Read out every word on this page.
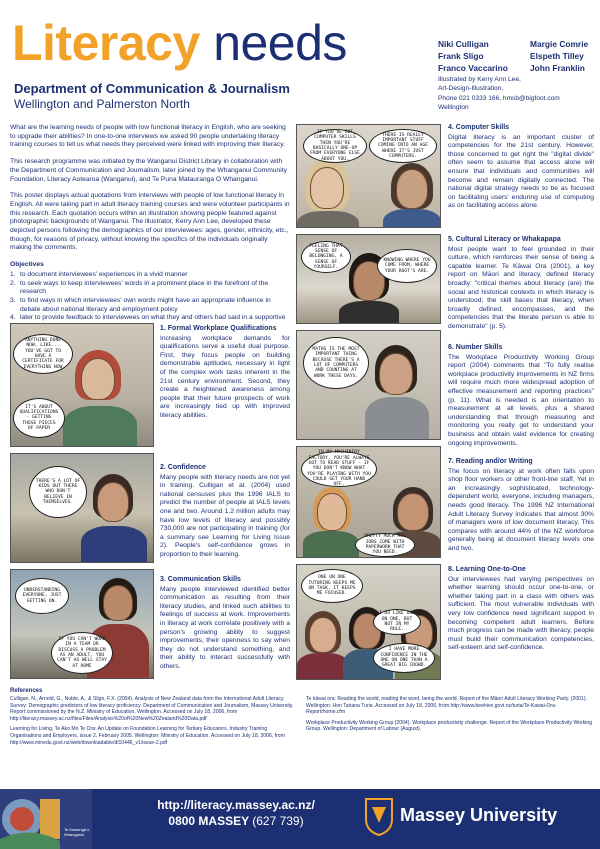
Literacy needs
Department of Communication & Journalism
Wellington and Palmerston North
Niki Culligan	Margie Comrie
Frank Sligo	Elspeth Tilley
Franco Vaccarino	John Franklin
Illustrated by Kerry Ann Lee,
Art-Design-Illustration,
Phone 021 0333 166, hmsb@bigfoot.com
Wellington

What are the learning needs of people with low functional literacy in English, who are seeking to upgrade their abilities? In one-to-one interviews we asked 90 people undertaking literacy training courses to tell us what needs they perceived were linked with improving their literacy.

This research programme was initiated by the Wanganui District Library in collaboration with the Department of Communication and Journalism, later joined by the Whanganui Community Foundation, Literacy Aotearoa (Wanganui), and Te Puna Matauranga O Whanganui.

This poster displays actual quotations from interviews with people of low functional literacy in English. All were taking part in adult literacy training courses and were volunteer participants in this research. Each quotation occurs within an illustration showing people featured against photographic backgrounds of Wanganui. The illustrator, Kerry Ann Lee, developed these depicted persons following the demographics of our interviewees: ages, gender, ethnicity, etc., though, for reasons of privacy, without knowing the specifics of the individuals originally making the comments.

Objectives
1. to document interviewees' experiences in a vivid manner
2. to seek ways to keep interviewees' words in a prominent place in the forefront of the research
3. to find ways in which interviewees' own words might have an appropriate influence in debate about national literacy and employment policy
4. later to provide feedback to interviewees on what they and others had said in a supportive
ANYTHING DONE NOW, LIKE... YOU'VE GOT TO HAVE A CERTIFICATE FOR EVERYTHING NOW
IT'S ABOUT QUALIFICATIONS - GETTING THOSE PIECES OF PAPER
THERE'S A LOT OF KIDS OUT THERE WHO DON'T BELIEVE IN THEMSELVES.
UNDERSTANDING EVERYONE, JUST GETTING ON.
IF YOU CAN'T WORK IN A TEAM OR DISCUSS A PROBLEM AS AN ADULT, YOU CAN'T AS WELL STAY AT HOME
IF YOU'VE GOT COMPUTER SKILLS THEN YOU'RE BASICALLY ONE-UP FROM EVERYONE ELSE ABOUT YOU.
THERE IS REALLY IMPORTANT STUFF COMING INTO AN AGE WHERE IT'S JUST COMPUTERS.
FEELING THAT SENSE OF BELONGING, A SENSE OF YOURSELF.
KNOWING WHERE YOU COME FROM, WHERE YOUR ROOT'S ARE.
MATHS IS THE MOST IMPORTANT THING BECAUSE THERE'S A LOT OF COMPUTERS AND COUNTING AT WORK THESE DAYS.
IN MY MACHINERY FACTORY, YOU'RE ALWAYS GOT TO READ STUFF - IF YOU DON'T KNOW WHAT YOU'RE PLAYING WITH YOU COULD GET YOUR HAND OFF.
PRETTY MUCH ALL JOBS COME WITH PAPERWORK THAT YOU NEED.
ONE ON ONE TUTORING KEEPS ME ON TASK. IT KEEPS ME FOCUSED.
I DO LIKE ONE ON ONE, BUT NOT IN MY RULE.
I HAVE MORE CONFIDENCE IN THE ONE ON ONE THAN A GREAT BIG CROWD.
1. Formal Workplace Qualifications

Increasing workplace demands for qualifications serve a useful dual purpose. First, they focus people on building demonstrable aptitudes, necessary in light of the complex work tasks inherent in the 21st century environment. Second, they create a heightened awareness among people that their future prospects of work are increasingly tied up with improved literacy abilities.

2. Confidence

Many people with literacy needs are not yet in training. Culligan et al. (2004) used national censuses plus the 1996 IALS to predict the number of people at IALS levels one and two. Around 1.2 million adults may have low levels of literacy and possibly 730,000 are not participating in training (for a summary see Learning for Living Issue 2). People's self-confidence grows in proportion to their learning.

3. Communication Skills

Many people interviewed identified better communication as resulting from their literacy studies, and linked such abilities to feelings of success at work. Improvements in literacy at work correlate positively with a person's growing ability to suggest improvements, their openness to say when they do not understand something, and their ability to interact successfully with others.

4. Computer Skills

Digital literacy is an important cluster of competencies for the 21st century. However, those concerned to get right the "digital divide" often seem to assume that access alone will ensure that individuals and communities will become and remain digitally connected. The national digital strategy needs to be as focused on facilitating users' enduring use of computing as on facilitating access alone.

5. Cultural Literacy or Whakapapa

Most people want to feel grounded in their culture, which reinforces their sense of being a capable learner. Te Kāwai Ora (2001), a key report on Māori and literacy, defined literacy broadly: "critical themes about literacy (are) the social and historical contexts in which literacy is understood; the skill bases that literacy, when broadly defined, encompasses, and the competencies that the literate person is able to demonstrate" (p. 5).

6. Number Skills

The Workplace Productivity Working Group report (2004) comments that "To fully realise workplace productivity improvements in NZ firms will require much more widespread adoption of effective measurement and reporting practices" (p. 11). What is needed is an orientation to measurement at all levels, plus a shared understanding that through measuring and monitoring you really get to understand your business and obtain valid evidence for creating ongoing improvements.

7. Reading and/or Writing

The focus on literacy at work often falls upon shop floor workers or other front-line staff. Yet in an increasingly sophisticated, technology-dependent world, everyone, including managers, needs good literacy. The 1996 NZ International Adult Literacy Survey indicates that almost 30% of managers were of low document literacy. This compares with around 44% of the NZ workforce generally being at document literacy levels one and two.

8. Learning One-to-One

Our interviewees had varying perspectives on whether learning should occur one-to-one, or whether taking part in a class with others was sufficient. The most vulnerable individuals with very low confidence need significant support in becoming competent adult learners. Before much progress can be made with literacy, people must build their communication competencies, self-esteem and self-confidence.

References

Culligan, N., Arnold, G., Noble, A., & Sligo, F.X. (2004). Analysis of New Zealand data from the International Adult Literacy Survey: Demographic predictors of low literacy proficiency. Department of Communication and Journalism, Massey University. Report commissioned by the N.Z. Ministry of Education, Wellington. Accessed on July 18, 2006, from http://literacy.massey.ac.nz/files/Files/Analysis%20of%20New%20Zealand%20Data.pdf

Learning for Living, Te Ako Mo Te Ora: An Update on Foundation Learning for Tertiary Educators, Industry Training Organisations and Employers, issue 2, February 2005. Wellington: Ministry of Education. Accessed on July 18, 2006, from http://www.minedu.govt.nz/web/downloadable/dl10446_v1/issue-2.pdf

Te kāwai ora: Reading the world, reading the word, being the world. Report of the Māori Adult Literacy Working Party. (2001). Wellington: Hon Tariana Turia. Accessed on July 18, 2006, from http://www.beehive.govt.nz/turia/Te-Kawai-Ora-Report/home.cfm

Workplace Productivity Working Group (2004). Workplace productivity challenge. Report of the Workplace Productivity Working Group. Wellington: Department of Labour (August).

Te Kawenga o Whanganui
http://literacy.massey.ac.nz/
0800 MASSEY (627 739)	Massey University
